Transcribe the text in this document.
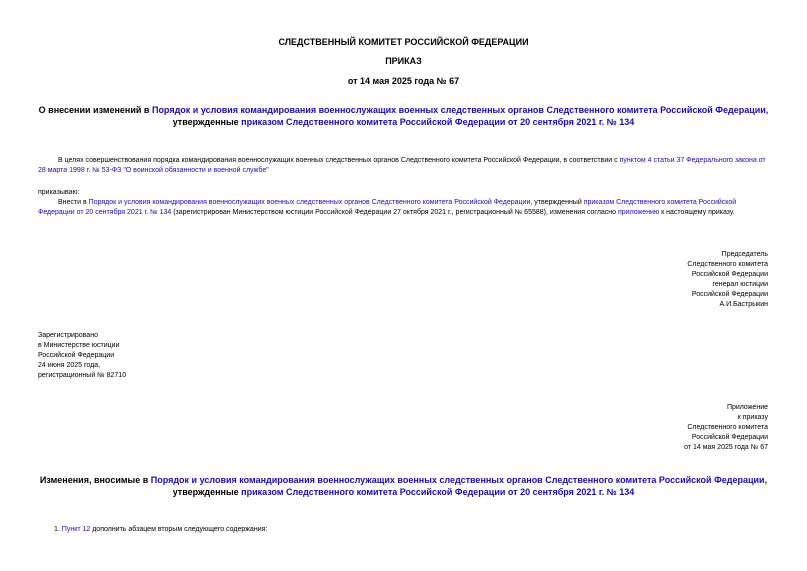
СЛЕДСТВЕННЫЙ КОМИТЕТ РОССИЙСКОЙ ФЕДЕРАЦИИ
ПРИКАЗ
от 14 мая 2025 года № 67
О внесении изменений в Порядок и условия командирования военнослужащих военных следственных органов Следственного комитета Российской Федерации,
утвержденные приказом Следственного комитета Российской Федерации от 20 сентября 2021 г. № 134
В целях совершенствования порядка командирования военнослужащих военных следственных органов Следственного комитета Российской Федерации, в соответствии с пунктом 4 статьи 37 Федерального закона от 28 марта 1998 г. № 53-ФЗ "О воинской обязанности и военной службе"
приказываю:
Внести в Порядок и условия командирования военнослужащих военных следственных органов Следственного комитета Российской Федерации, утвержденный приказом Следственного комитета Российской Федерации от 20 сентября 2021 г. № 134 (зарегистрирован Министерством юстиции Российской Федерации 27 октября 2021 г., регистрационный № 65588), изменения согласно приложению к настоящему приказу.
Председатель
Следственного комитета
Российской Федерации
генерал юстиции
Российской Федерации
А.И.Бастрыкин
Зарегистрировано
в Министерстве юстиции
Российской Федерации
24 июня 2025 года,
регистрационный № 82710
Приложение
к приказу
Следственного комитета
Российской Федерации
от 14 мая 2025 года № 67
Изменения, вносимые в Порядок и условия командирования военнослужащих военных следственных органов Следственного комитета Российской Федерации,
утвержденные приказом Следственного комитета Российской Федерации от 20 сентября 2021 г. № 134
1. Пункт 12 дополнить абзацем вторым следующего содержания:
